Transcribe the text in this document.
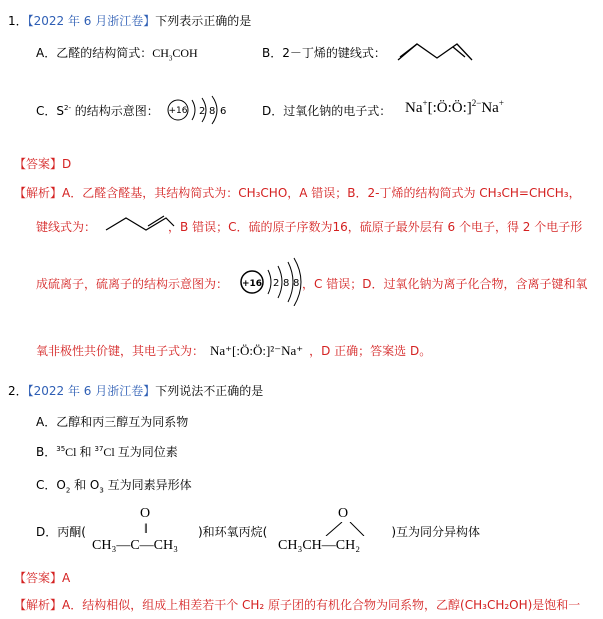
1．【2022 年 6 月浙江卷】下列表示正确的是
A．乙醛的结构简式：$CH_3COH$	B．2－丁烯的键线式：
C．$S^{2-}$ 的结构示意图： +16 2 8 6	D．过氧化钠的电子式： Na+[:Ö:Ö:]$^{2-}$Na+
【答案】D
【解析】A．乙醛含醛基，其结构简式为：CH₃CHO，A 错误；B．2-丁烯的结构简式为 CH₃CH=CHCH₃，
键线式为：	，B 错误；C．硫的原子序数为16，硫原子最外层有 6 个电子，得 2 个电子形
成硫离子，硫离子的结构示意图为：	，C 错误；D．过氧化钠为离子化合物，含离子键和氧
+16 2 8 8
氧非极性共价键，其电子式为： Na⁺[:Ö:Ö:]²⁻Na⁺ ，D 正确；答案选 D。
2．【2022 年 6 月浙江卷】下列说法不正确的是
A．乙醇和丙三醇互为同系物
B．$^{35}$Cl 和 $^{37}$Cl 互为同位素
C．$O_2$ 和 $O_3$ 互为同素异形体
D．丙酮(	)和环氧丙烷(	)互为同分异构体
O
‖
CH₃—C—CH₃
O
CH₃CH—CH₂
【答案】A
【解析】A．结构相似，组成上相差若干个 CH₂ 原子团的有机化合物为同系物，乙醇(CH₃CH₂OH)是饱和一
